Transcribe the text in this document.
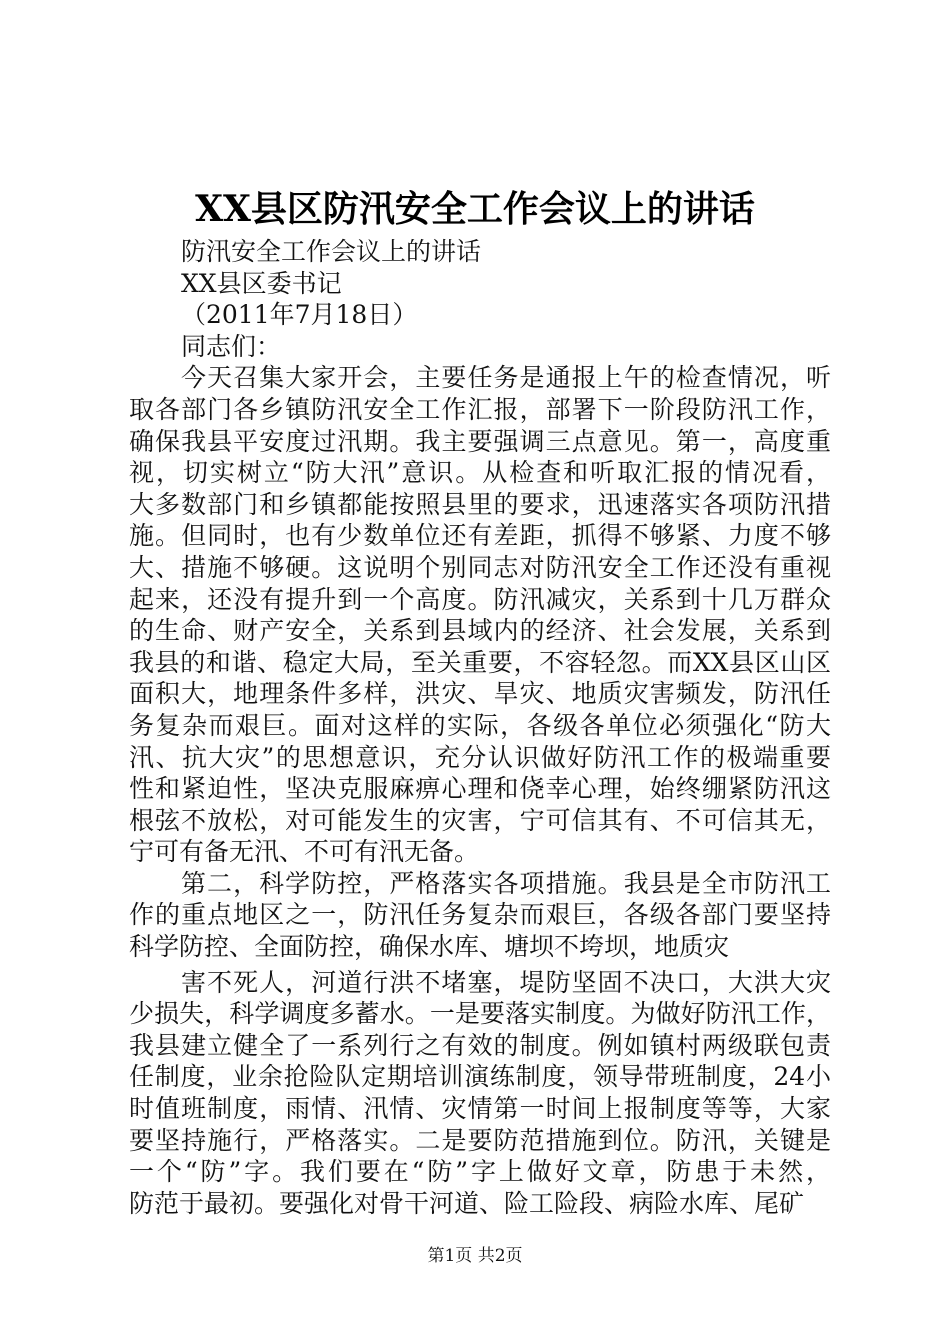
XX县区防汛安全工作会议上的讲话
防汛安全工作会议上的讲话
XX县区委书记
（2011年7月18日）
同志们：
今天召集大家开会，主要任务是通报上午的检查情况，听
取各部门各乡镇防汛安全工作汇报，部署下一阶段防汛工作，
确保我县平安度过汛期。我主要强调三点意见。第一，高度重
视，切实树立“防大汛”意识。从检查和听取汇报的情况看，
大多数部门和乡镇都能按照县里的要求，迅速落实各项防汛措
施。但同时，也有少数单位还有差距，抓得不够紧、力度不够
大、措施不够硬。这说明个别同志对防汛安全工作还没有重视
起来，还没有提升到一个高度。防汛减灾，关系到十几万群众
的生命、财产安全，关系到县域内的经济、社会发展，关系到
我县的和谐、稳定大局，至关重要，不容轻忽。而XX县区山区
面积大，地理条件多样，洪灾、旱灾、地质灾害频发，防汛任
务复杂而艰巨。面对这样的实际，各级各单位必须强化“防大
汛、抗大灾”的思想意识，充分认识做好防汛工作的极端重要
性和紧迫性，坚决克服麻痹心理和侥幸心理，始终绷紧防汛这
根弦不放松，对可能发生的灾害，宁可信其有、不可信其无，
宁可有备无汛、不可有汛无备。
第二，科学防控，严格落实各项措施。我县是全市防汛工
作的重点地区之一，防汛任务复杂而艰巨，各级各部门要坚持
科学防控、全面防控，确保水库、塘坝不垮坝，地质灾
害不死人，河道行洪不堵塞，堤防坚固不决口，大洪大灾
少损失，科学调度多蓄水。一是要落实制度。为做好防汛工作，
我县建立健全了一系列行之有效的制度。例如镇村两级联包责
任制度，业余抢险队定期培训演练制度，领导带班制度，24小
时值班制度，雨情、汛情、灾情第一时间上报制度等等，大家
要坚持施行，严格落实。二是要防范措施到位。防汛，关键是
一个“防”字。我们要在“防”字上做好文章，防患于未然，
防范于最初。要强化对骨干河道、险工险段、病险水库、尾矿
第1页 共2页
